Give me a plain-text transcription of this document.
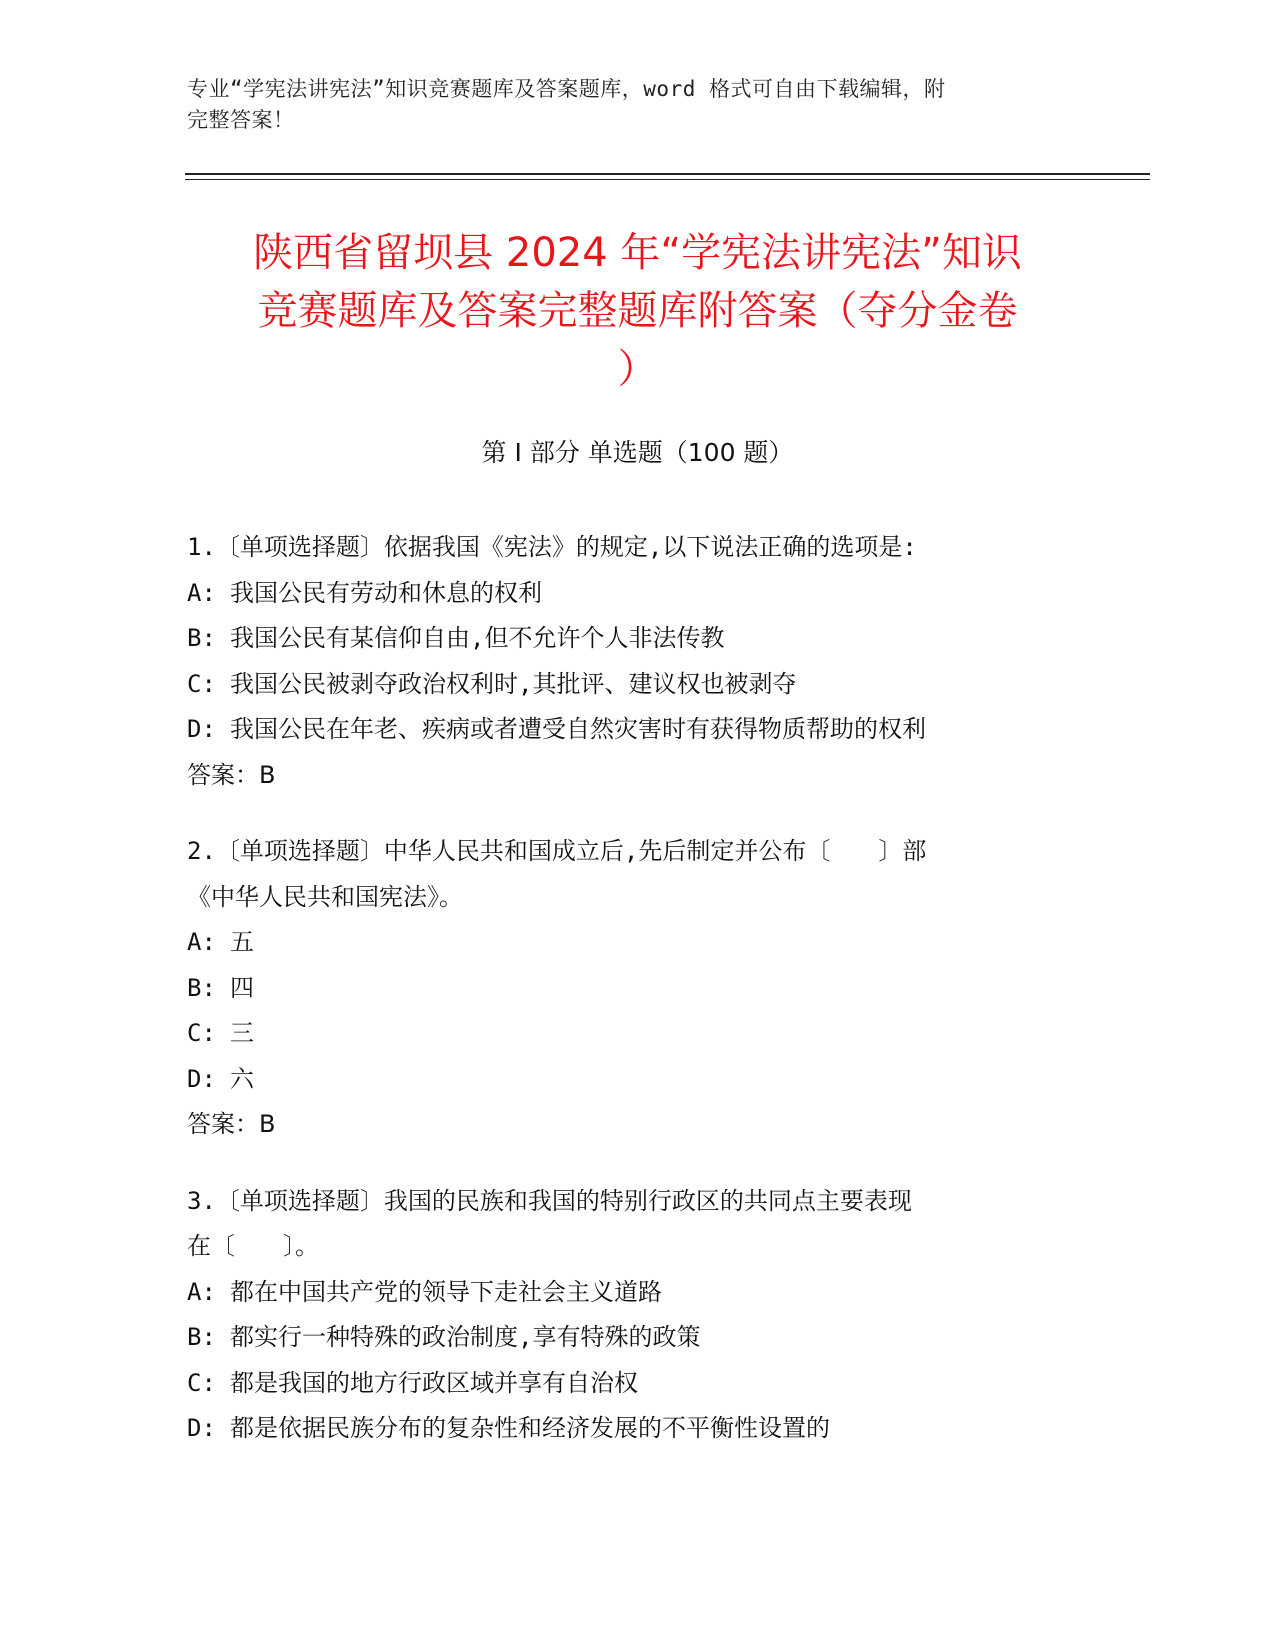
专业“学宪法讲宪法”知识竞赛题库及答案题库，word 格式可自由下载编辑，附
完整答案！
陕西省留坝县 2024 年“学宪法讲宪法”知识
竞赛题库及答案完整题库附答案（夺分金卷
）
第 I 部分 单选题（100 题）
1.〔单项选择题〕依据我国《宪法》的规定,以下说法正确的选项是:
A: 我国公民有劳动和休息的权利
B: 我国公民有某信仰自由,但不允许个人非法传教
C: 我国公民被剥夺政治权利时,其批评、建议权也被剥夺
D: 我国公民在年老、疾病或者遭受自然灾害时有获得物质帮助的权利
答案：B
2.〔单项选择题〕中华人民共和国成立后,先后制定并公布〔　　〕部
《中华人民共和国宪法》。
A: 五
B: 四
C: 三
D: 六
答案：B
3.〔单项选择题〕我国的民族和我国的特别行政区的共同点主要表现
在〔　　〕。
A: 都在中国共产党的领导下走社会主义道路
B: 都实行一种特殊的政治制度,享有特殊的政策
C: 都是我国的地方行政区域并享有自治权
D: 都是依据民族分布的复杂性和经济发展的不平衡性设置的
